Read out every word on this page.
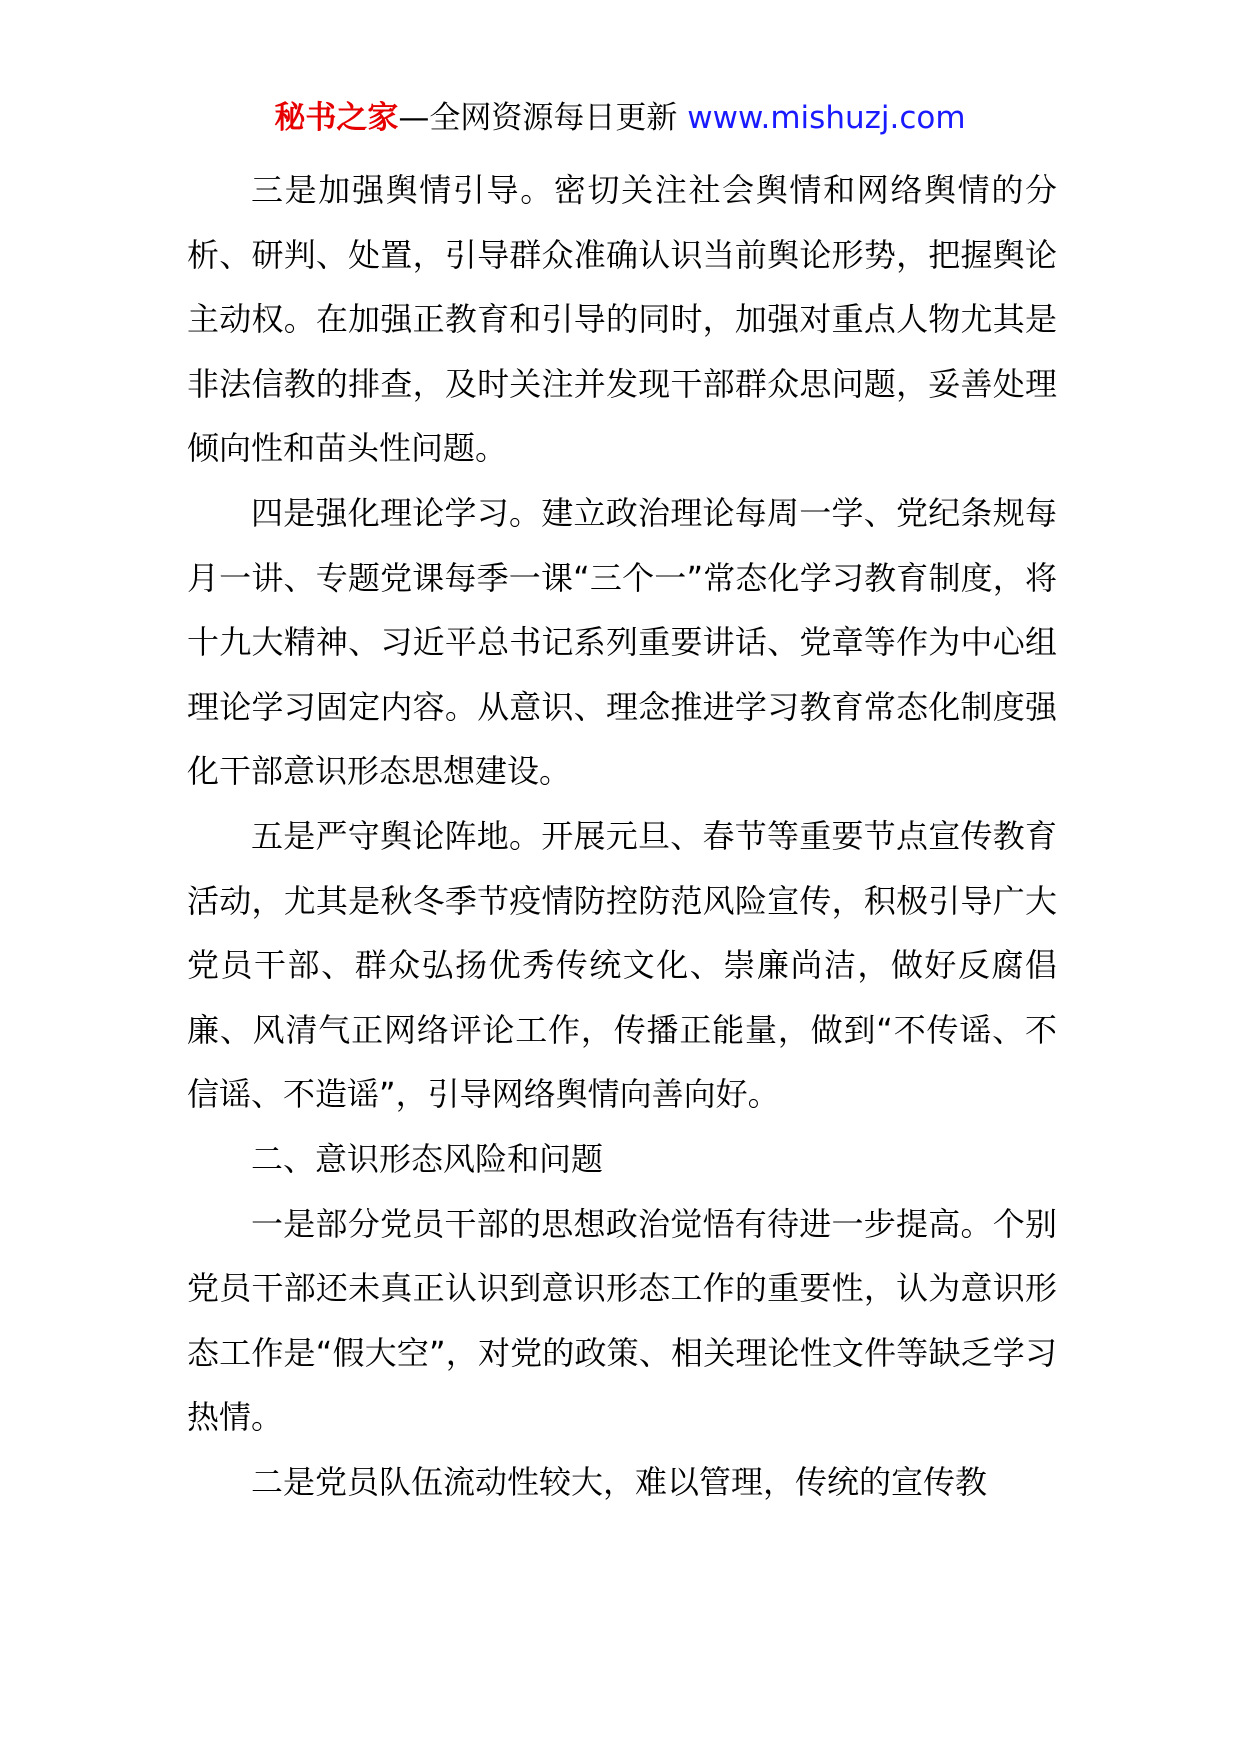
秘书之家—全网资源每日更新 www.mishuzj.com

三是加强舆情引导。密切关注社会舆情和网络舆情的分析、研判、处置，引导群众准确认识当前舆论形势，把握舆论主动权。在加强正教育和引导的同时，加强对重点人物尤其是非法信教的排查，及时关注并发现干部群众思问题，妥善处理倾向性和苗头性问题。

四是强化理论学习。建立政治理论每周一学、党纪条规每月一讲、专题党课每季一课“三个一”常态化学习教育制度，将十九大精神、习近平总书记系列重要讲话、党章等作为中心组理论学习固定内容。从意识、理念推进学习教育常态化制度强化干部意识形态思想建设。

五是严守舆论阵地。开展元旦、春节等重要节点宣传教育活动，尤其是秋冬季节疫情防控防范风险宣传，积极引导广大党员干部、群众弘扬优秀传统文化、崇廉尚洁，做好反腐倡廉、风清气正网络评论工作，传播正能量，做到“不传谣、不信谣、不造谣”，引导网络舆情向善向好。

二、意识形态风险和问题

一是部分党员干部的思想政治觉悟有待进一步提高。个别党员干部还未真正认识到意识形态工作的重要性，认为意识形态工作是“假大空”，对党的政策、相关理论性文件等缺乏学习热情。

二是党员队伍流动性较大，难以管理，传统的宣传教
